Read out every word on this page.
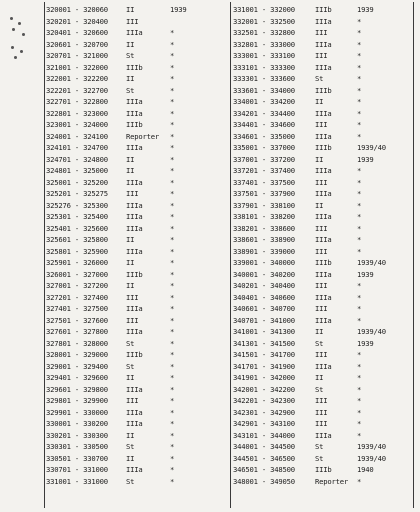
320001 - 320060	II	1939
320201 - 320400	III
320401 - 320600	IIIa	*
320601 - 320700	II	*
320701 - 321000	St	*
321001 - 322000	IIIb	*
322001 - 322200	II	*
322201 - 322700	St	*
322701 - 322800	IIIa	*
322801 - 323000	IIIa	*
323001 - 324000	IIIb	*
324001 - 324100	Reporter	*
324101 - 324700	IIIa	*
324701 - 324800	II	*
324801 - 325000	II	*
325001 - 325200	IIIa	*
325201 - 325275	III	*
325276 - 325300	IIIa	*
325301 - 325400	IIIa	*
325401 - 325600	IIIa	*
325601 - 325800	II	*
325801 - 325900	IIIa	*
325901 - 326000	II	*
326001 - 327000	IIIb	*
327001 - 327200	II	*
327201 - 327400	III	*
327401 - 327500	IIIa	*
327501 - 327600	III	*
327601 - 327800	IIIa	*
327801 - 328000	St	*
328001 - 329000	IIIb	*
329001 - 329400	St	*
329401 - 329600	II	*
329601 - 329800	IIIa	*
329801 - 329900	III	*
329901 - 330000	IIIa	*
330001 - 330200	IIIa	*
330201 - 330300	II	*
330301 - 330500	St	*
330501 - 330700	II	*
330701 - 331000	IIIa	*
331001 - 331000	St	*
331001 - 332000	IIIb	1939
332001 - 332500	IIIa	*
332501 - 332800	III	*
332801 - 333000	IIIa	*
333001 - 333100	III	*
333101 - 333300	IIIa	*
333301 - 333600	St	*
333601 - 334000	IIIb	*
334001 - 334200	II	*
334201 - 334400	IIIa	*
334401 - 334600	III	*
334601 - 335000	IIIa	*
335001 - 337000	IIIb	1939/40
337001 - 337200	II	1939
337201 - 337400	IIIa	*
337401 - 337500	III	*
337501 - 337900	IIIa	*
337901 - 338100	II	*
338101 - 338200	IIIa	*
338201 - 338600	III	*
338601 - 338900	IIIa	*
338901 - 339000	III	*
339001 - 340000	IIIb	1939/40
340001 - 340200	IIIa	1939
340201 - 340400	III	*
340401 - 340600	IIIa	*
340601 - 340700	III	*
340701 - 341000	IIIa	*
341001 - 341300	II	1939/40
341301 - 341500	St	1939
341501 - 341700	III	*
341701 - 341900	IIIa	*
341901 - 342000	II	*
342001 - 342200	St	*
342201 - 342300	III	*
342301 - 342900	III	*
342901 - 343100	III	*
343101 - 344000	IIIa	*
344001 - 344500	St	1939/40
344501 - 346500	St	1939/40
346501 - 348500	IIIb	1940
348001 - 349050	Reporter	*
